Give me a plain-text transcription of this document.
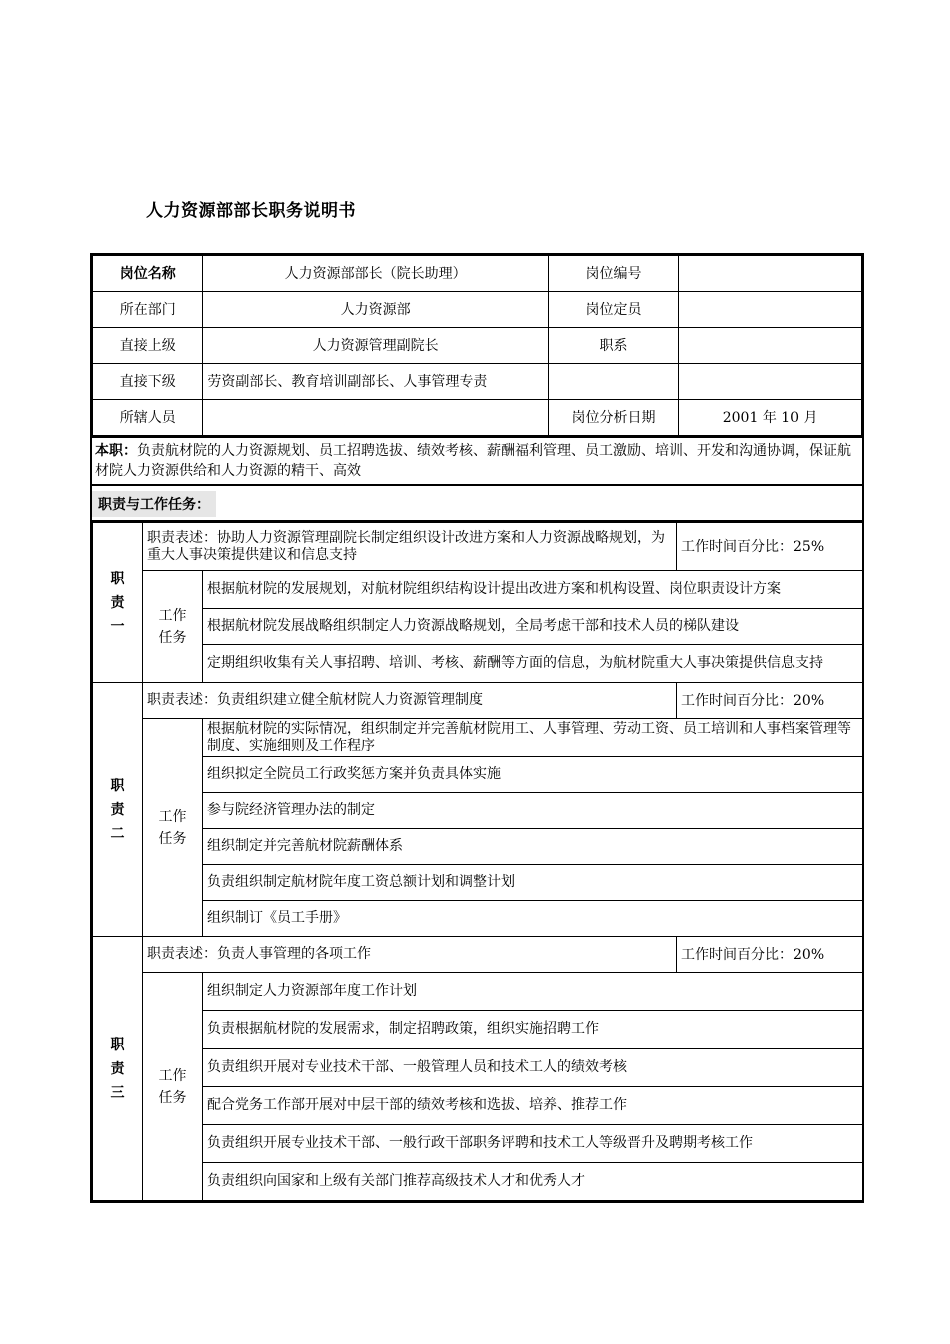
人力资源部部长职务说明书
岗位名称	人力资源部部长（院长助理）	岗位编号	
所在部门	人力资源部	岗位定员	
直接上级	人力资源管理副院长	职系	
直接下级	劳资副部长、教育培训副部长、人事管理专责		
所辖人员		岗位分析日期	2001 年 10 月
本职：负责航材院的人力资源规划、员工招聘选拔、绩效考核、薪酬福利管理、员工激励、培训、开发和沟通协调，保证航材院人力资源供给和人力资源的精干、高效
职责与工作任务：
职
责
一	职责表述：协助人力资源管理副院长制定组织设计改进方案和人力资源战略规划，为重大人事决策提供建议和信息支持		工作时间百分比：25%

	工作
任务	根据航材院的发展规划，对航材院组织结构设计提出改进方案和机构设置、岗位职责设计方案	
		根据航材院发展战略组织制定人力资源战略规划，全局考虑干部和技术人员的梯队建设	
		定期组织收集有关人事招聘、培训、考核、薪酬等方面的信息，为航材院重大人事决策提供信息支持	

职
责
二	职责表述：负责组织建立健全航材院人力资源管理制度		工作时间百分比：20%

	工作
任务	根据航材院的实际情况，组织制定并完善航材院用工、人事管理、劳动工资、员工培训和人事档案管理等制度、实施细则及工作程序	
		组织拟定全院员工行政奖惩方案并负责具体实施	
		参与院经济管理办法的制定	
		组织制定并完善航材院薪酬体系	
		负责组织制定航材院年度工资总额计划和调整计划	
		组织制订《员工手册》	

职
责
三	职责表述：负责人事管理的各项工作		工作时间百分比：20%

	工作
任务	组织制定人力资源部年度工作计划	
		负责根据航材院的发展需求，制定招聘政策，组织实施招聘工作	
		负责组织开展对专业技术干部、一般管理人员和技术工人的绩效考核	
		配合党务工作部开展对中层干部的绩效考核和选拔、培养、推荐工作	
		负责组织开展专业技术干部、一般行政干部职务评聘和技术工人等级晋升及聘期考核工作	
		负责组织向国家和上级有关部门推荐高级技术人才和优秀人才	
